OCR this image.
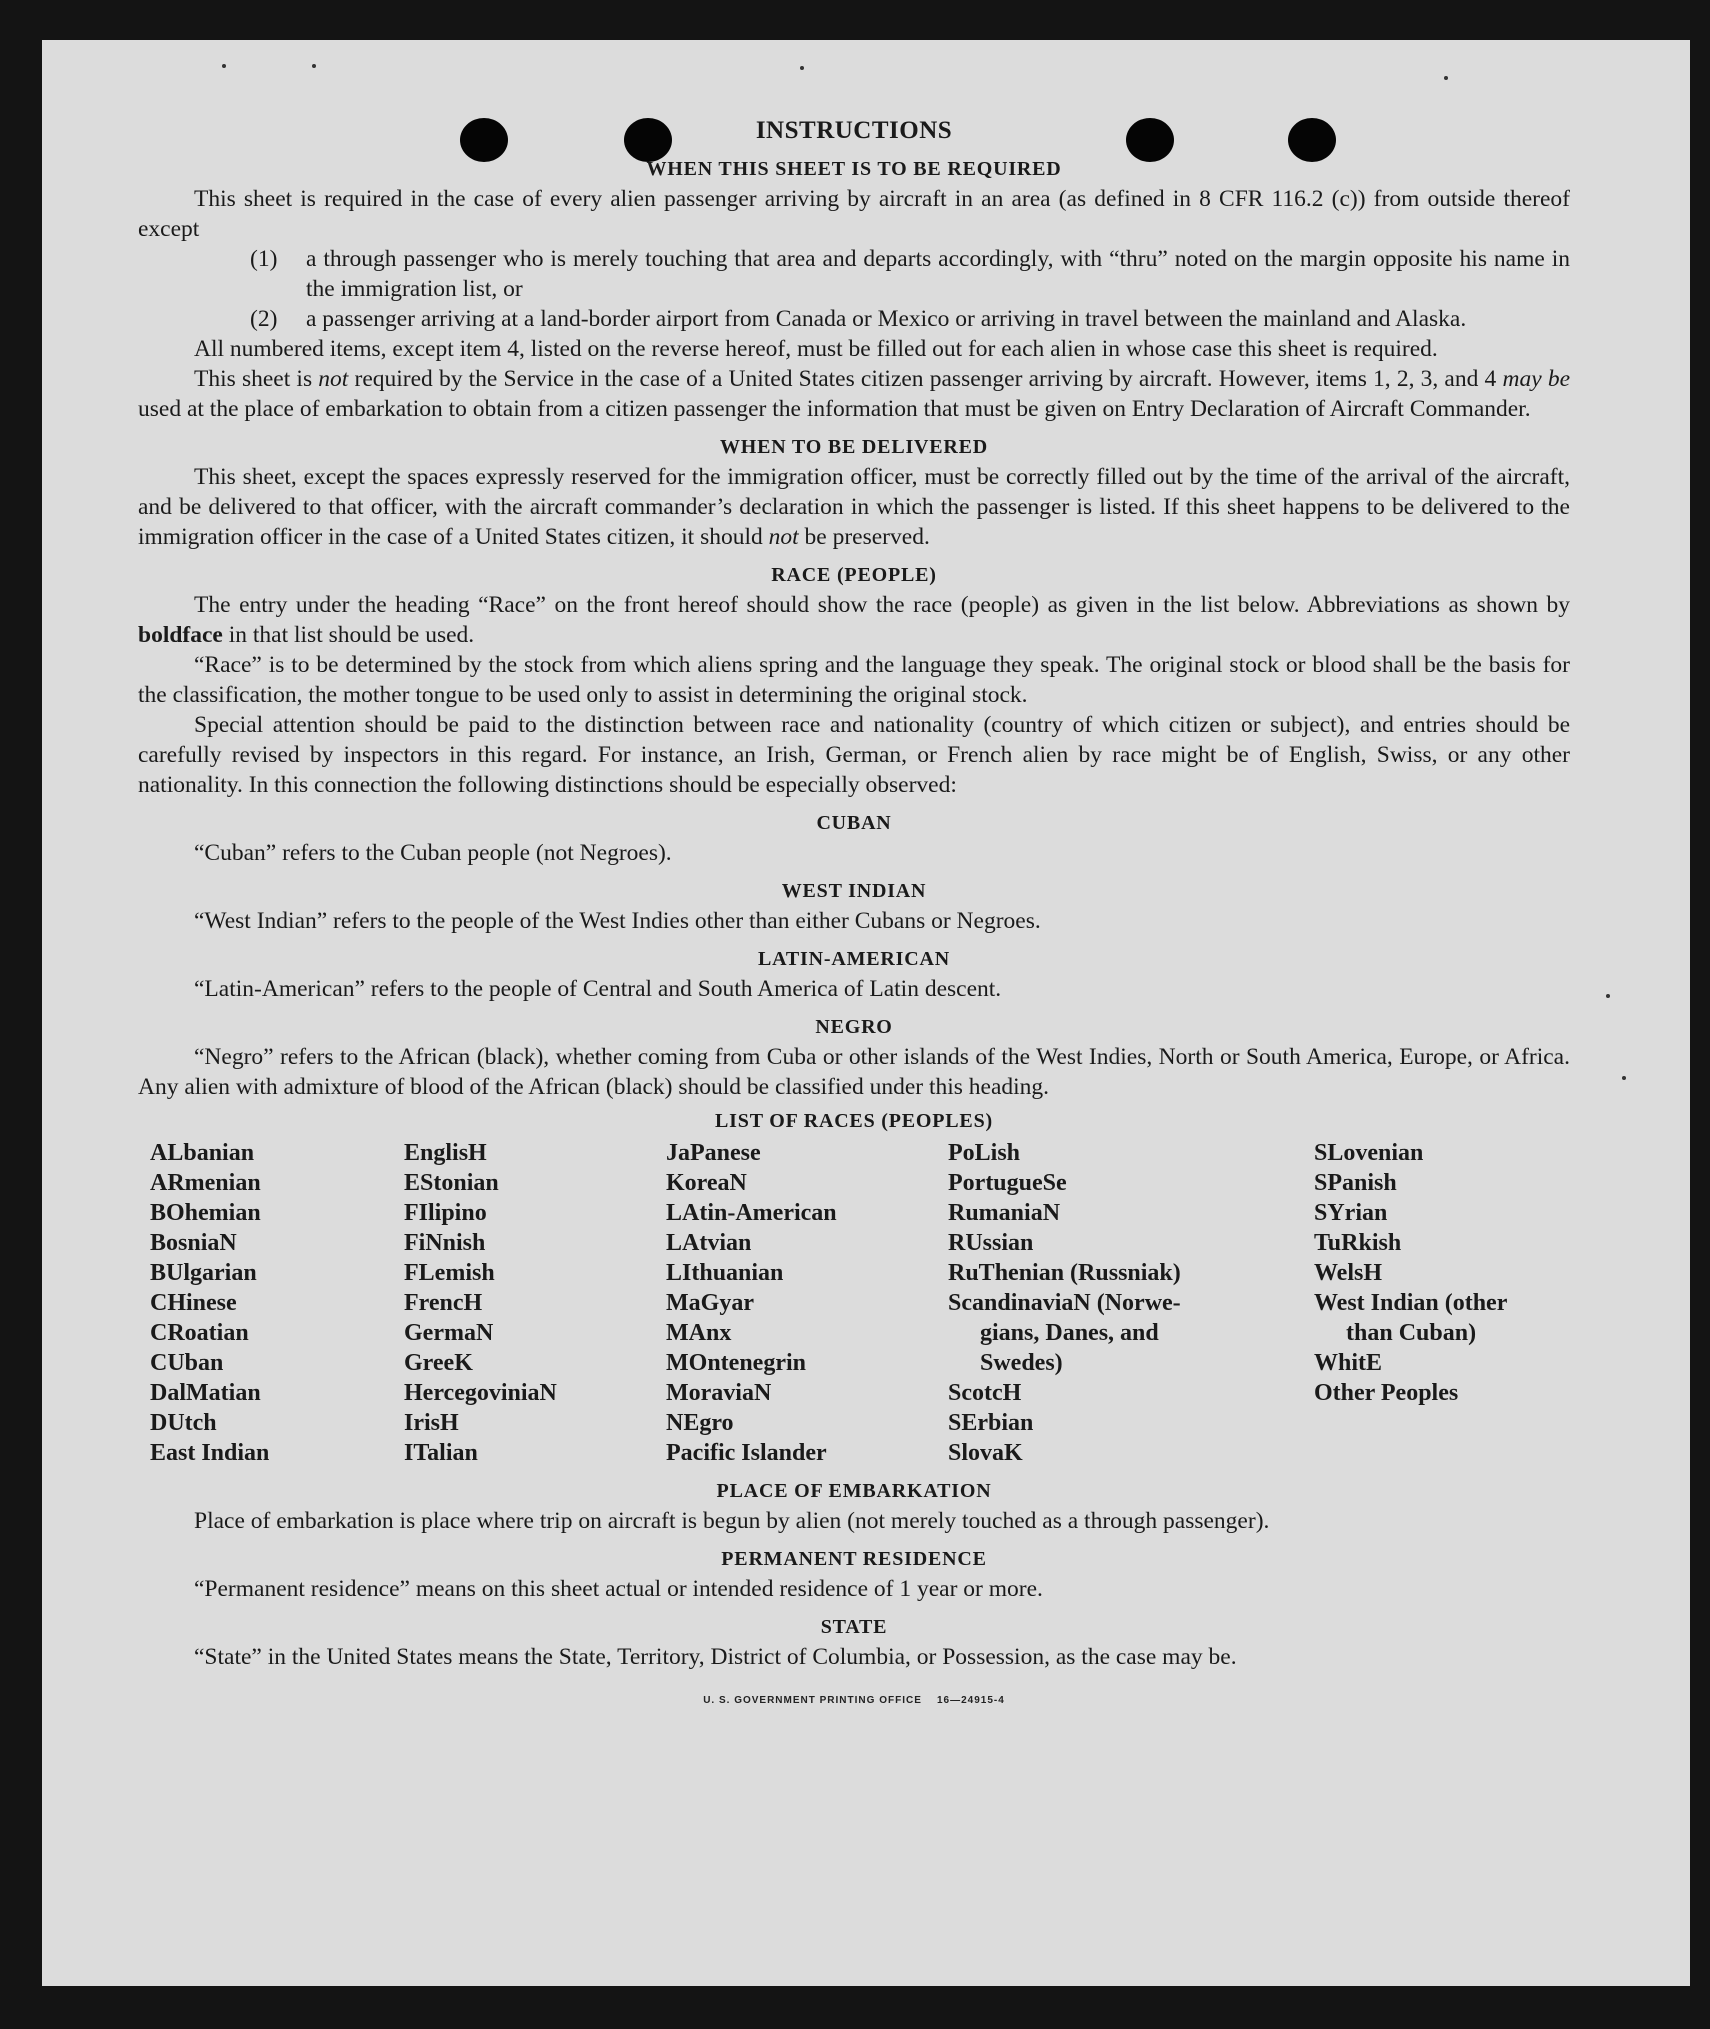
INSTRUCTIONS

WHEN THIS SHEET IS TO BE REQUIRED

This sheet is required in the case of every alien passenger arriving by aircraft in an area (as defined in 8 CFR 116.2 (c)) from outside thereof except

(1)	a through passenger who is merely touching that area and departs accordingly, with “thru” noted on the margin opposite his name in the immigration list, or
(2)	a passenger arriving at a land-border airport from Canada or Mexico or arriving in travel between the mainland and Alaska.

All numbered items, except item 4, listed on the reverse hereof, must be filled out for each alien in whose case this sheet is required.

This sheet is not required by the Service in the case of a United States citizen passenger arriving by aircraft. However, items 1, 2, 3, and 4 may be used at the place of embarkation to obtain from a citizen passenger the information that must be given on Entry Declaration of Aircraft Commander.

WHEN TO BE DELIVERED

This sheet, except the spaces expressly reserved for the immigration officer, must be correctly filled out by the time of the arrival of the aircraft, and be delivered to that officer, with the aircraft commander’s declaration in which the passenger is listed. If this sheet happens to be delivered to the immigration officer in the case of a United States citizen, it should not be preserved.

RACE (PEOPLE)

The entry under the heading “Race” on the front hereof should show the race (people) as given in the list below. Abbreviations as shown by boldface in that list should be used.

“Race” is to be determined by the stock from which aliens spring and the language they speak. The original stock or blood shall be the basis for the classification, the mother tongue to be used only to assist in determining the original stock.

Special attention should be paid to the distinction between race and nationality (country of which citizen or subject), and entries should be carefully revised by inspectors in this regard. For instance, an Irish, German, or French alien by race might be of English, Swiss, or any other nationality. In this connection the following distinctions should be especially observed:

CUBAN

“Cuban” refers to the Cuban people (not Negroes).

WEST INDIAN

“West Indian” refers to the people of the West Indies other than either Cubans or Negroes.

LATIN-AMERICAN

“Latin-American” refers to the people of Central and South America of Latin descent.

NEGRO

“Negro” refers to the African (black), whether coming from Cuba or other islands of the West Indies, North or South America, Europe, or Africa. Any alien with admixture of blood of the African (black) should be classified under this heading.

LIST OF RACES (PEOPLES)

ALbanian
ARmenian
BOhemian
BosniaN
BUlgarian
CHinese
CRoatian
CUban
DalMatian
DUtch
East Indian
EnglisH
EStonian
FIlipino
FiNnish
FLemish
FrencH
GermaN
GreeK
HercegoviniaN
IrisH
ITalian
JaPanese
KoreaN
LAtin-American
LAtvian
LIthuanian
MaGyar
MAnx
MOntenegrin
MoraviaN
NEgro
Pacific Islander
PoLish
PortugueSe
RumaniaN
RUssian
RuThenian (Russniak)
ScandinaviaN (Norwe-
gians, Danes, and
Swedes)
ScotcH
SErbian
SlovaK
SLovenian
SPanish
SYrian
TuRkish
WelsH
West Indian (other
than Cuban)
WhitE
Other Peoples

PLACE OF EMBARKATION

Place of embarkation is place where trip on aircraft is begun by alien (not merely touched as a through passenger).

PERMANENT RESIDENCE

“Permanent residence” means on this sheet actual or intended residence of 1 year or more.

STATE

“State” in the United States means the State, Territory, District of Columbia, or Possession, as the case may be.

U. S. GOVERNMENT PRINTING OFFICE    16—24915-4
